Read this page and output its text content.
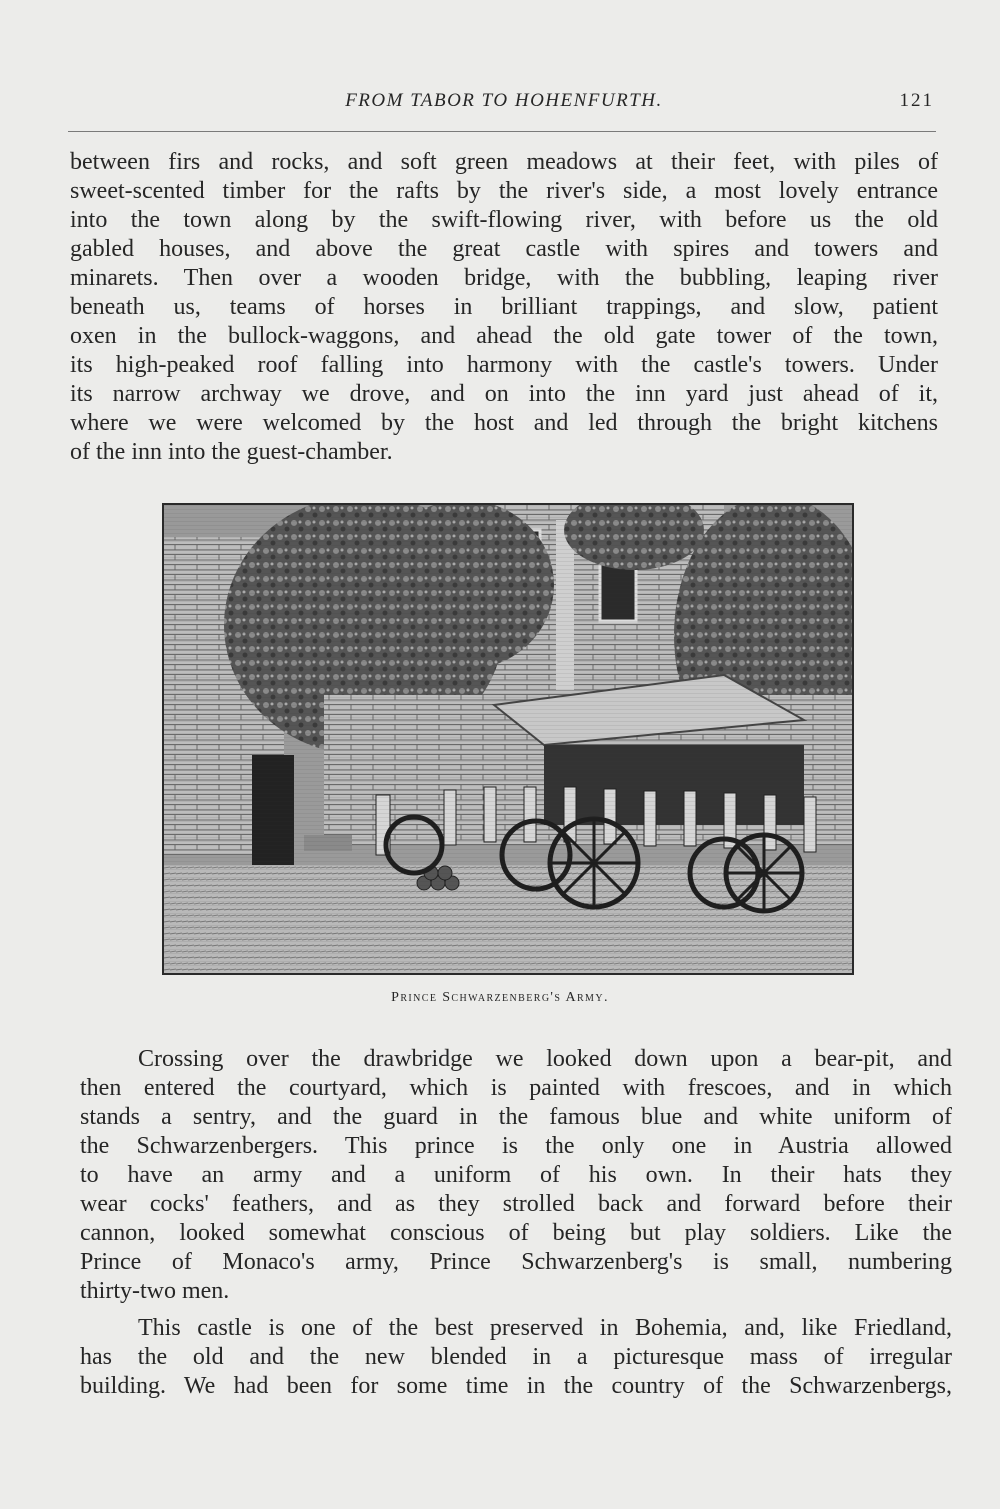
FROM TABOR TO HOHENFURTH.	121

between firs and rocks, and soft green meadows at their feet, with piles of
sweet-scented timber for the rafts by the river's side, a most lovely entrance
into the town along by the swift-flowing river, with before us the old
gabled houses, and above the great castle with spires and towers and
minarets. Then over a wooden bridge, with the bubbling, leaping river
beneath us, teams of horses in brilliant trappings, and slow, patient
oxen in the bullock-waggons, and ahead the old gate tower of the town,
its high-peaked roof falling into harmony with the castle's towers. Under
its narrow archway we drove, and on into the inn yard just ahead of it,
where we were welcomed by the host and led through the bright kitchens
of the inn into the guest-chamber.

Prince Schwarzenberg's Army.

Crossing over the drawbridge we looked down upon a bear-pit, and
then entered the courtyard, which is painted with frescoes, and in which
stands a sentry, and the guard in the famous blue and white uniform of
the Schwarzenbergers. This prince is the only one in Austria allowed
to have an army and a uniform of his own. In their hats they
wear cocks' feathers, and as they strolled back and forward before their
cannon, looked somewhat conscious of being but play soldiers. Like the
Prince of Monaco's army, Prince Schwarzenberg's is small, numbering
thirty-two men.

This castle is one of the best preserved in Bohemia, and, like Friedland,
has the old and the new blended in a picturesque mass of irregular
building. We had been for some time in the country of the Schwarzenbergs,
